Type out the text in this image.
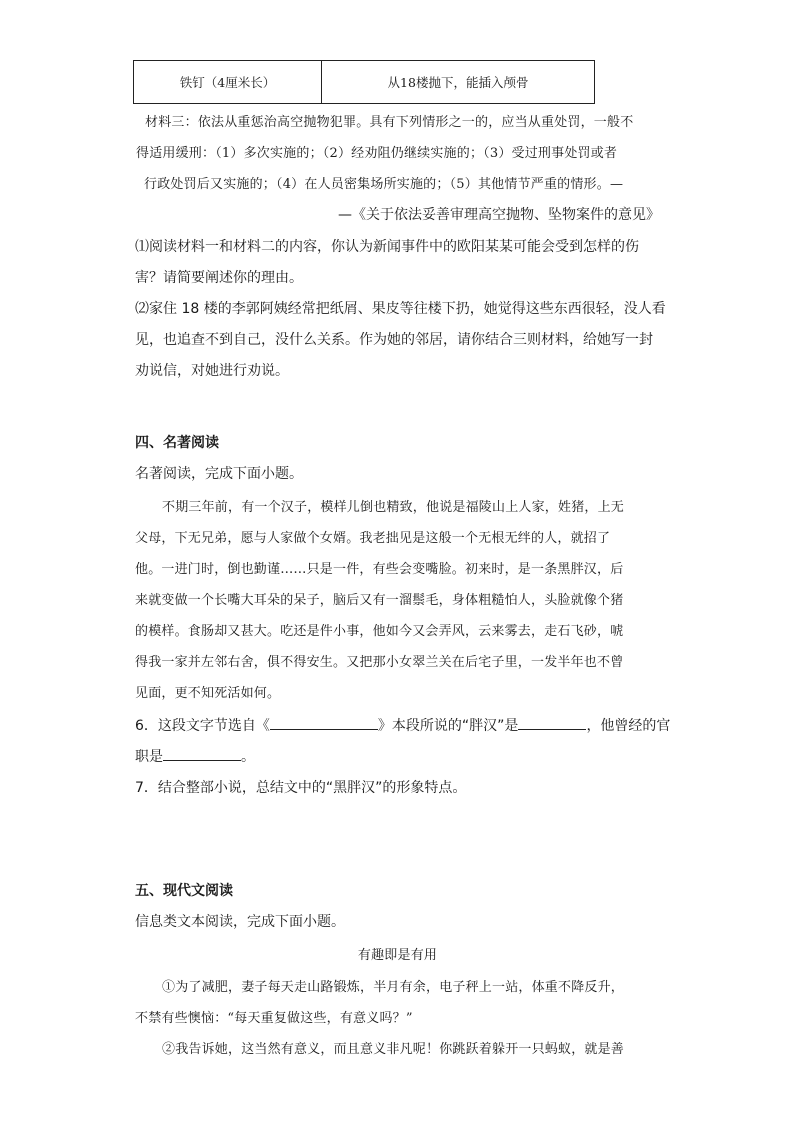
铁钉（4厘米长）	从18楼抛下，能插入颅骨
材料三：依法从重惩治高空抛物犯罪。具有下列情形之一的，应当从重处罚，一般不
得适用缓刑：（1）多次实施的；（2）经劝阻仍继续实施的；（3）受过刑事处罚或者
行政处罚后又实施的；（4）在人员密集场所实施的；（5）其他情节严重的情形。—
—《关于依法妥善审理高空抛物、坠物案件的意见》
⑴阅读材料一和材料二的内容，你认为新闻事件中的欧阳某某可能会受到怎样的伤
害？请简要阐述你的理由。
⑵家住 18 楼的李郭阿姨经常把纸屑、果皮等往楼下扔，她觉得这些东西很轻，没人看
见，也追查不到自己，没什么关系。作为她的邻居，请你结合三则材料，给她写一封
劝说信，对她进行劝说。
四、名著阅读
名著阅读，完成下面小题。
不期三年前，有一个汉子，模样儿倒也精致，他说是福陵山上人家，姓猪，上无
父母，下无兄弟，愿与人家做个女婿。我老拙见是这般一个无根无绊的人，就招了
他。一进门时，倒也勤谨……只是一件，有些会变嘴脸。初来时，是一条黑胖汉，后
来就变做一个长嘴大耳朵的呆子，脑后又有一溜鬃毛，身体粗糙怕人，头脸就像个猪
的模样。食肠却又甚大。吃还是件小事，他如今又会弄风，云来雾去，走石飞砂，唬
得我一家并左邻右舍，俱不得安生。又把那小女翠兰关在后宅子里，一发半年也不曾
见面，更不知死活如何。
6．这段文字节选自《	》本段所说的“胖汉”是	，他曾经的官
职是	。
7．结合整部小说，总结文中的“黑胖汉”的形象特点。
五、现代文阅读
信息类文本阅读，完成下面小题。
有趣即是有用
①为了减肥，妻子每天走山路锻炼，半月有余，电子秤上一站，体重不降反升，
不禁有些懊恼：“每天重复做这些，有意义吗？”
②我告诉她，这当然有意义，而且意义非凡呢！你跳跃着躲开一只蚂蚁，就是善
